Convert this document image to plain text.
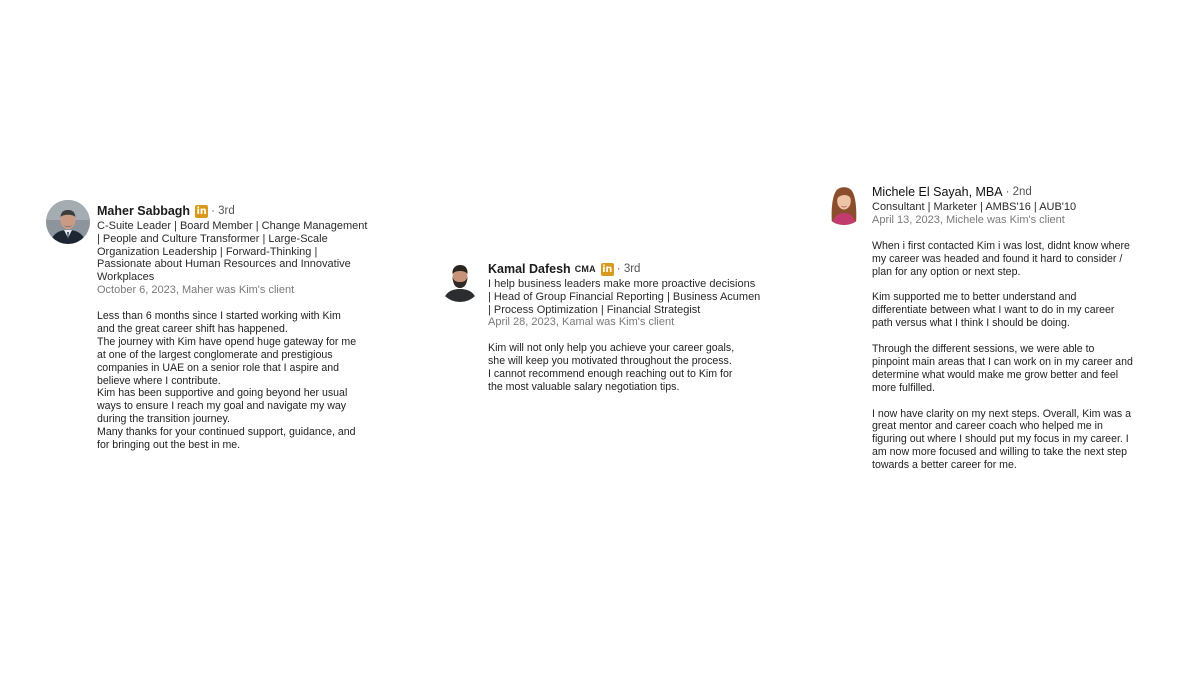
Maher Sabbagh in · 3rd
C-Suite Leader | Board Member | Change Management
| People and Culture Transformer | Large-Scale
Organization Leadership | Forward-Thinking |
Passionate about Human Resources and Innovative
Workplaces
October 6, 2023, Maher was Kim's client
Less than 6 months since I started working with Kim
and the great career shift has happened.
The journey with Kim have opend huge gateway for me
at one of the largest conglomerate and prestigious
companies in UAE on a senior role that I aspire and
believe where I contribute.
Kim has been supportive and going beyond her usual
ways to ensure I reach my goal and navigate my way
during the transition journey.
Many thanks for your continued support, guidance, and
for bringing out the best in me.
Kamal Dafesh CMA in · 3rd
I help business leaders make more proactive decisions
| Head of Group Financial Reporting | Business Acumen
| Process Optimization | Financial Strategist
April 28, 2023, Kamal was Kim's client
Kim will not only help you achieve your career goals,
she will keep you motivated throughout the process.
I cannot recommend enough reaching out to Kim for
the most valuable salary negotiation tips.
Michele El Sayah, MBA · 2nd
Consultant | Marketer | AMBS'16 | AUB'10
April 13, 2023, Michele was Kim's client
When i first contacted Kim i was lost, didnt know where
my career was headed and found it hard to consider /
plan for any option or next step.
Kim supported me to better understand and
differentiate between what I want to do in my career
path versus what I think I should be doing.
Through the different sessions, we were able to
pinpoint main areas that I can work on in my career and
determine what would make me grow better and feel
more fulfilled.
I now have clarity on my next steps. Overall, Kim was a
great mentor and career coach who helped me in
figuring out where I should put my focus in my career. I
am now more focused and willing to take the next step
towards a better career for me.
